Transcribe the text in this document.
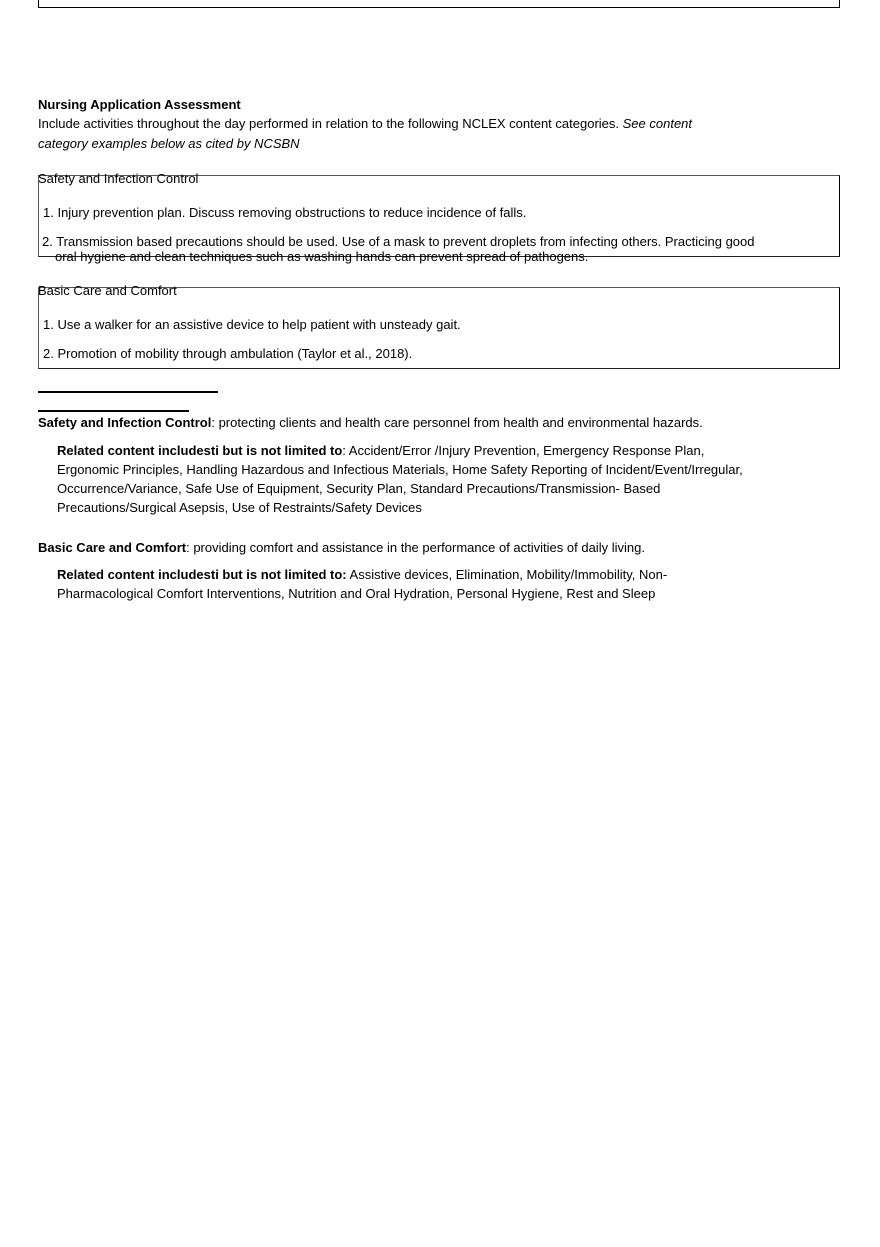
Nursing Application Assessment
Include activities throughout the day performed in relation to the following NCLEX content categories. See content
category examples below as cited by NCSBN
Safety and Infection Control
1. Injury prevention plan. Discuss removing obstructions to reduce incidence of falls.
2. Transmission based precautions should be used. Use of a mask to prevent droplets from infecting others. Practicing good
oral hygiene and clean techniques such as washing hands can prevent spread of pathogens.
Basic Care and Comfort
1. Use a walker for an assistive device to help patient with unsteady gait.
2. Promotion of mobility through ambulation (Taylor et al., 2018).
Safety and Infection Control: protecting clients and health care personnel from health and environmental hazards.
Related content includesti but is not limited to: Accident/Error /Injury Prevention, Emergency Response Plan,
Ergonomic Principles, Handling Hazardous and Infectious Materials, Home Safety Reporting of Incident/Event/Irregular,
Occurrence/Variance, Safe Use of Equipment, Security Plan, Standard Precautions/Transmission- Based
Precautions/Surgical Asepsis, Use of Restraints/Safety Devices
Basic Care and Comfort: providing comfort and assistance in the performance of activities of daily living.
Related content includesti but is not limited to: Assistive devices, Elimination, Mobility/Immobility, Non-
Pharmacological Comfort Interventions, Nutrition and Oral Hydration, Personal Hygiene, Rest and Sleep
